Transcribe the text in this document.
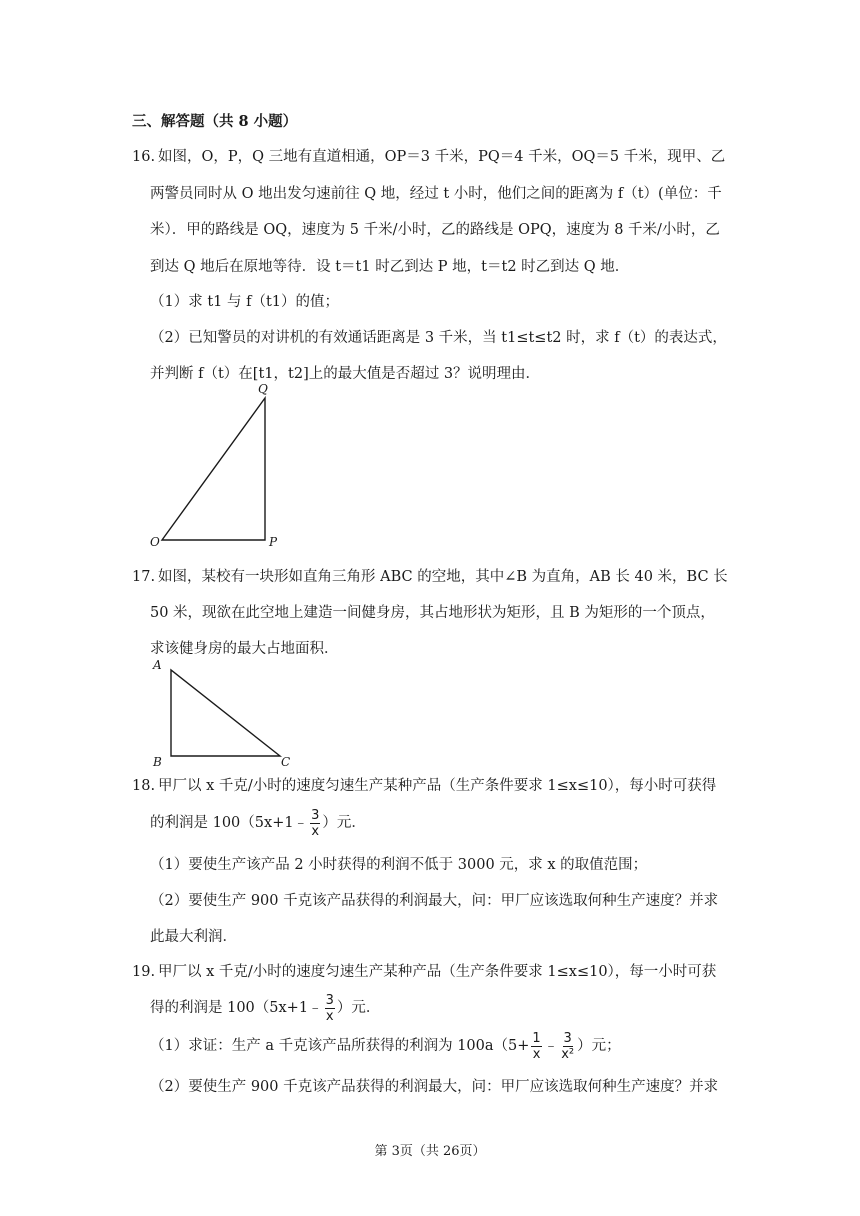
三、解答题（共 8 小题）
16. 如图，O，P，Q 三地有直道相通，OP＝3 千米，PQ＝4 千米，OQ＝5 千米，现甲、乙
两警员同时从 O 地出发匀速前往 Q 地，经过 t 小时，他们之间的距离为 f（t）(单位：千
米）．甲的路线是 OQ，速度为 5 千米/小时，乙的路线是 OPQ，速度为 8 千米/小时，乙
到达 Q 地后在原地等待．设 t＝t1 时乙到达 P 地，t＝t2 时乙到达 Q 地．
（1）求 t1 与 f（t1）的值；
（2）已知警员的对讲机的有效通话距离是 3 千米，当 t1≤t≤t2 时，求 f（t）的表达式，
并判断 f（t）在[t1，t2]上的最大值是否超过 3？说明理由．
Q
O	P
17. 如图，某校有一块形如直角三角形 ABC 的空地，其中∠B 为直角，AB 长 40 米，BC 长
50 米，现欲在此空地上建造一间健身房，其占地形状为矩形，且 B 为矩形的一个顶点，
求该健身房的最大占地面积．
A
B	C
18. 甲厂以 x 千克/小时的速度匀速生产某种产品（生产条件要求 1≤x≤10），每小时可获得
的利润是 100（5x+1﹣ $\frac{3}{x}$ ）元．
（1）要使生产该产品 2 小时获得的利润不低于 3000 元，求 x 的取值范围；
（2）要使生产 900 千克该产品获得的利润最大，问：甲厂应该选取何种生产速度？并求
此最大利润．
19. 甲厂以 x 千克/小时的速度匀速生产某种产品（生产条件要求 1≤x≤10），每一小时可获
得的利润是 100（5x+1﹣ $\frac{3}{x}$ ）元．
（1）求证：生产 a 千克该产品所获得的利润为 $100a(5+ \frac{1}{x}$ ﹣ $\frac{3}{\text{x²}}$ ）元；
（2）要使生产 900 千克该产品获得的利润最大，问：甲厂应该选取何种生产速度？并求
第 3页（共 26页）
